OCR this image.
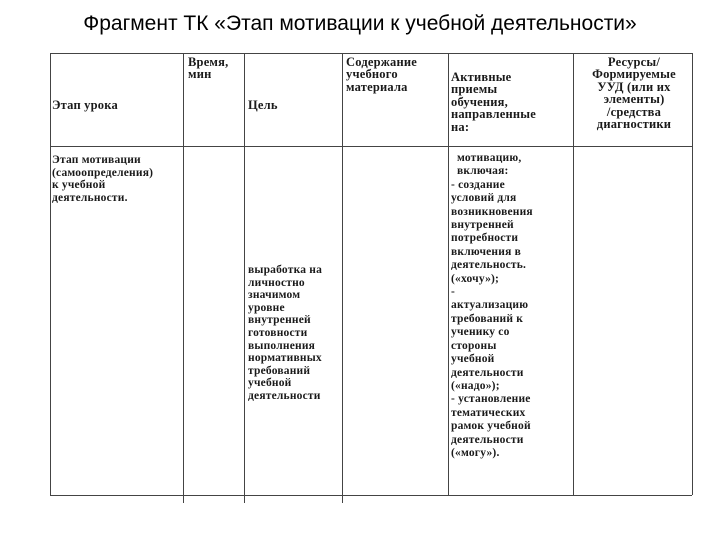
Фрагмент ТК «Этап мотивации к учебной деятельности»
Этап урока
Время,
мин
Цель
Содержание
учебного
материала
Активные
приемы
обучения,
направленные
на:
Ресурсы/
Формируемые
УУД (или их
элементы)
/средства
диагностики
Этап мотивации
(самоопределения)
к учебной
деятельности.
выработка на
личностно
значимом
уровне
внутренней
готовности
выполнения
нормативных
требований
учебной
деятельности
мотивацию,
включая:
- создание
условий для
возникновения
внутренней
потребности
включения в
деятельность.
(«хочу»);
-
актуализацию
требований к
ученику со
стороны
учебной
деятельности
(«надо»);
- установление
тематических
рамок учебной
деятельности
(«могу»).
